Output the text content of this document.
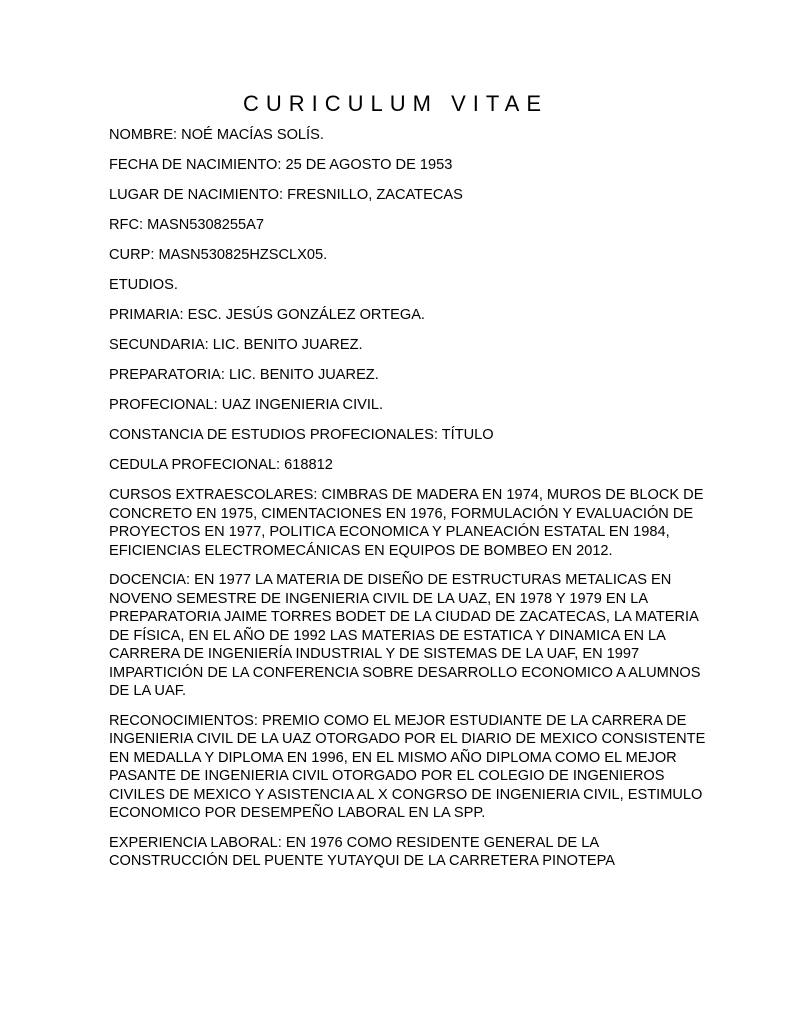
CURICULUM VITAE

NOMBRE: NOÉ MACÍAS SOLÍS.

FECHA DE NACIMIENTO: 25 DE AGOSTO DE 1953

LUGAR DE NACIMIENTO: FRESNILLO, ZACATECAS

RFC: MASN5308255A7

CURP: MASN530825HZSCLX05.

ETUDIOS.

PRIMARIA: ESC. JESÚS GONZÁLEZ ORTEGA.

SECUNDARIA: LIC. BENITO JUAREZ.

PREPARATORIA: LIC. BENITO JUAREZ.

PROFECIONAL: UAZ INGENIERIA CIVIL.

CONSTANCIA DE ESTUDIOS PROFECIONALES: TÍTULO

CEDULA PROFECIONAL: 618812

CURSOS EXTRAESCOLARES: CIMBRAS DE MADERA EN 1974, MUROS DE BLOCK DE CONCRETO EN 1975, CIMENTACIONES EN 1976, FORMULACIÓN Y EVALUACIÓN DE PROYECTOS EN 1977, POLITICA ECONOMICA Y PLANEACIÓN ESTATAL EN 1984, EFICIENCIAS ELECTROMECÁNICAS EN EQUIPOS DE BOMBEO EN 2012.

DOCENCIA: EN 1977 LA MATERIA DE DISEÑO DE ESTRUCTURAS METALICAS EN NOVENO SEMESTRE DE INGENIERIA CIVIL DE LA UAZ, EN 1978 Y 1979 EN LA PREPARATORIA JAIME TORRES BODET DE LA CIUDAD DE ZACATECAS, LA MATERIA DE FÍSICA, EN EL AÑO DE 1992 LAS MATERIAS DE ESTATICA Y DINAMICA EN LA CARRERA DE INGENIERÍA INDUSTRIAL Y DE SISTEMAS DE LA UAF, EN 1997 IMPARTICIÓN DE LA CONFERENCIA SOBRE DESARROLLO ECONOMICO A ALUMNOS DE LA UAF.

RECONOCIMIENTOS: PREMIO COMO EL MEJOR ESTUDIANTE DE LA CARRERA DE INGENIERIA CIVIL DE LA UAZ OTORGADO POR EL DIARIO DE MEXICO CONSISTENTE EN MEDALLA Y DIPLOMA EN 1996, EN EL MISMO AÑO DIPLOMA COMO EL MEJOR PASANTE DE INGENIERIA CIVIL OTORGADO POR EL COLEGIO DE INGENIEROS CIVILES DE MEXICO Y ASISTENCIA AL X CONGRSO DE INGENIERIA CIVIL, ESTIMULO ECONOMICO POR DESEMPEÑO LABORAL EN LA SPP.

EXPERIENCIA LABORAL: EN 1976 COMO RESIDENTE GENERAL DE LA CONSTRUCCIÓN DEL PUENTE YUTAYQUI DE LA CARRETERA PINOTEPA
